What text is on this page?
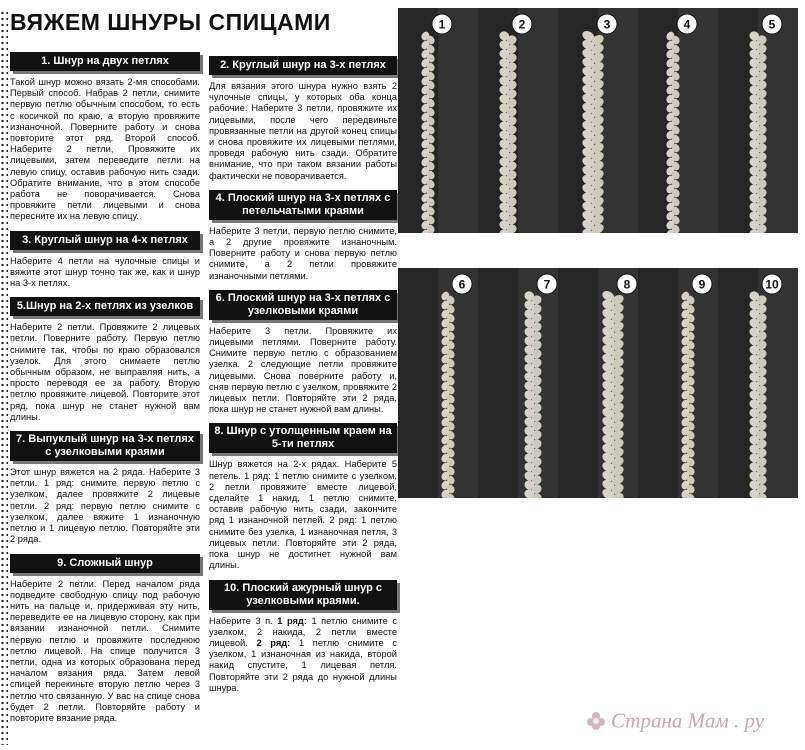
ВЯЖЕМ ШНУРЫ СПИЦАМИ
1. Шнур на двух петлях
Такой шнур можно вязать 2-мя способами. Первый способ. Набрав 2 петли, снимите первую петлю обычным способом, то есть с косичкой по краю, а вторую провяжите изнаночной. Поверните работу и снова повторите этот ряд. Второй способ. Наберите 2 петли, Провяжите их лицевыми, затем переведите петли на левую спицу, оставив рабочую нить сзади. Обратите внимание, что в этом способе работа не поворачивается. Снова провяжите петли лицевыми и снова пересните их на левую спицу.
3. Круглый шнур на 4-х петлях
Наберите 4 петли на чулочные спицы и вяжите этот шнур точно так же, как и шнур на 3-х петлях.
5.Шнур на 2-х петлях из узелков
Наберите 2 петли. Провяжите 2 лицевых петли. Поверните работу. Первую петлю снимите так, чтобы по краю образовался узелок. Для этого снимаете петлю обычным образом, не выправляя нить, а просто переводя ее за работу. Вторую петлю провяжите лицевой. Повторите этот ряд, пока шнур не станет нужной вам длины.
7. Выпуклый шнур на 3-х петлях с узелковыми краями
Этот шнур вяжется на 2 ряда. Наберите 3 петли. 1 ряд: снимите первую петлю с узелком, далее провяжите 2 лицевые петли. 2 ряд: первую петлю снимите с узелком, далее вяжите 1 изнаночную петлю и 1 лицевую петлю. Повторяйте эти 2 ряда.
9. Сложный шнур
Наберите 2 петли. Перед началом ряда подведите свободную спицу под рабочую нить на пальце и, придерживая эту нить, переведите ее на лицевую сторону, как при вязании изнаночной петли. Снимите первую петлю и провяжите последнюю петлю лицевой. На спице получится 3 петли, одна из которых образована перед началом вязания ряда. Затем левой спицей перекиньте вторую петлю через 3 петлю что связанную. У вас на спице снова будет 2 петли. Повторяйте работу и повторите вязание ряда.
2. Круглый шнур на 3-х петлях
Для вязания этого шнура нужно взять 2 чулочные спицы, у которых оба конца рабочие. Наберите 3 петли, провяжите их лицевыми, после чего передвиньте провязанные петли на другой конец спицы и снова провяжите их лицевыми петлями, проведя рабочую нить сзади. Обратите внимание, что при таком вязании работы фактически не поворачивается.
4. Плоский шнур на 3-х петлях с петельчатыми краями
Наберите 3 петли, первую петлю снимите, а 2 другие провяжите изнаночным. Поверните работу и снова первую петлю снимите, а 2 петли провяжите изнаночными петлями.
6. Плоский шнур на 3-х петлях с узелковыми краями
Наберите 3 петли. Провяжите их лицевыми петлями. Поверните работу. Снимите первую петлю с образованием узелка. 2 следующие петли провяжите лицевыми. Снова поверните работу и, сняв первую петлю с узелком, провяжите 2 лицевых петли. Повторяйте эти 2 ряда, пока шнур не станет нужной вам длины.
8. Шнур с утолщенным краем на 5-ти петлях
Шнур вяжется на 2-х рядах. Наберите 5 петель. 1 ряд: 1 петлю снимите с узелком, 2 петли провяжите вместе лицевой, сделайте 1 накид, 1 петлю снимите, оставив рабочую нить сзади, закончите ряд 1 изнаночной петлей. 2 ряд: 1 петлю снимите без узелка, 1 изнаночная петля, 3 лицевых петли. Повторяйте эти 2 ряда, пока шнур не достигнет нужной вам длины.
10. Плоский ажурный шнур с узелковыми краями.
Наберите 3 п. 1 ряд: 1 петлю снимите с узелком, 2 накида, 2 петли вместе лицевой. 2 ряд: 1 петлю снимите с узелком, 1 изнаночная из накида, второй накид спустите, 1 лицевая петля. Повторяйте эти 2 ряда до нужной длины шнура.
1	2	3	4	5
6	7	8	9	10
Страна Мам . ру
